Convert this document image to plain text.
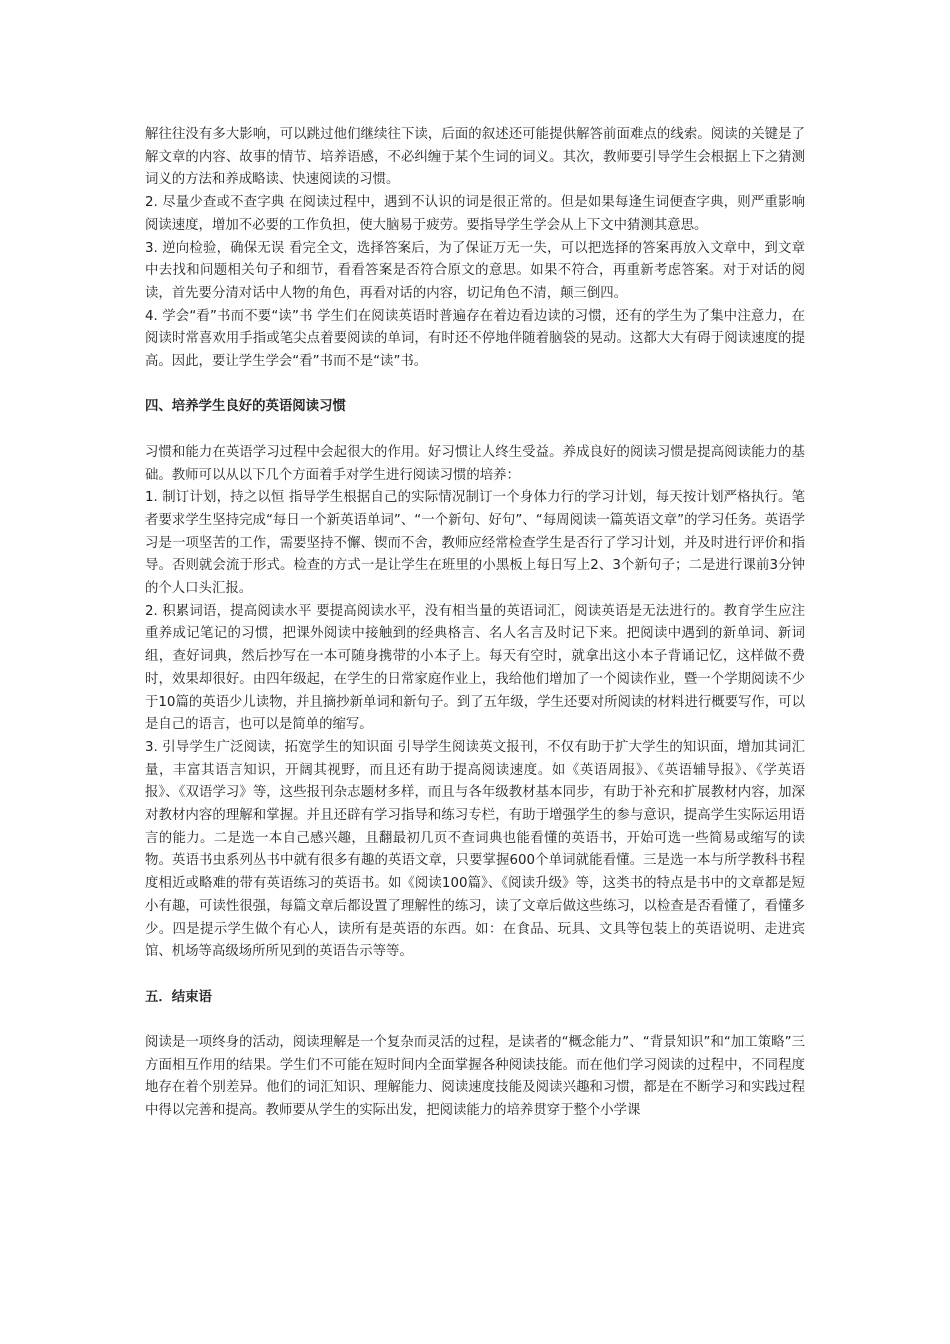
解往往没有多大影响，可以跳过他们继续往下读，后面的叙述还可能提供解答前面难点的线索。阅读的关键是了解文章的内容、故事的情节、培养语感，不必纠缠于某个生词的词义。其次，教师要引导学生会根据上下之猜测词义的方法和养成略读、快速阅读的习惯。

2. 尽量少查或不查字典 在阅读过程中，遇到不认识的词是很正常的。但是如果每逢生词便查字典，则严重影响阅读速度，增加不必要的工作负担，使大脑易于疲劳。要指导学生学会从上下文中猜测其意思。

3. 逆向检验，确保无误 看完全文，选择答案后，为了保证万无一失，可以把选择的答案再放入文章中，到文章中去找和问题相关句子和细节，看看答案是否符合原文的意思。如果不符合，再重新考虑答案。对于对话的阅读，首先要分清对话中人物的角色，再看对话的内容，切记角色不清，颠三倒四。

4. 学会“看”书而不要“读”书 学生们在阅读英语时普遍存在着边看边读的习惯，还有的学生为了集中注意力，在阅读时常喜欢用手指或笔尖点着要阅读的单词，有时还不停地伴随着脑袋的晃动。这都大大有碍于阅读速度的提高。因此，要让学生学会“看”书而不是“读”书。

四、培养学生良好的英语阅读习惯

习惯和能力在英语学习过程中会起很大的作用。好习惯让人终生受益。养成良好的阅读习惯是提高阅读能力的基础。教师可以从以下几个方面着手对学生进行阅读习惯的培养：

1. 制订计划，持之以恒 指导学生根据自己的实际情况制订一个身体力行的学习计划，每天按计划严格执行。笔者要求学生坚持完成“每日一个新英语单词”、“一个新句、好句”、“每周阅读一篇英语文章”的学习任务。英语学习是一项坚苦的工作，需要坚持不懈、锲而不舍，教师应经常检查学生是否行了学习计划，并及时进行评价和指导。否则就会流于形式。检查的方式一是让学生在班里的小黑板上每日写上2、3个新句子；二是进行课前3分钟的个人口头汇报。

2. 积累词语，提高阅读水平 要提高阅读水平，没有相当量的英语词汇，阅读英语是无法进行的。教育学生应注重养成记笔记的习惯，把课外阅读中接触到的经典格言、名人名言及时记下来。把阅读中遇到的新单词、新词组，查好词典，然后抄写在一本可随身携带的小本子上。每天有空时，就拿出这小本子背诵记忆，这样做不费时，效果却很好。由四年级起，在学生的日常家庭作业上，我给他们增加了一个阅读作业，暨一个学期阅读不少于10篇的英语少儿读物，并且摘抄新单词和新句子。到了五年级，学生还要对所阅读的材料进行概要写作，可以是自己的语言，也可以是简单的缩写。

3. 引导学生广泛阅读，拓宽学生的知识面 引导学生阅读英文报刊，不仅有助于扩大学生的知识面，增加其词汇量，丰富其语言知识，开阔其视野，而且还有助于提高阅读速度。如《英语周报》、《英语辅导报》、《学英语报》、《双语学习》等，这些报刊杂志题材多样，而且与各年级教材基本同步，有助于补充和扩展教材内容，加深对教材内容的理解和掌握。并且还辟有学习指导和练习专栏，有助于增强学生的参与意识，提高学生实际运用语言的能力。二是选一本自己感兴趣，且翻最初几页不查词典也能看懂的英语书，开始可选一些简易或缩写的读物。英语书虫系列丛书中就有很多有趣的英语文章，只要掌握600个单词就能看懂。三是选一本与所学教科书程度相近或略难的带有英语练习的英语书。如《阅读100篇》、《阅读升级》等，这类书的特点是书中的文章都是短小有趣，可读性很强，每篇文章后都设置了理解性的练习，读了文章后做这些练习，以检查是否看懂了，看懂多少。四是提示学生做个有心人，读所有是英语的东西。如：在食品、玩具、文具等包装上的英语说明、走进宾馆、机场等高级场所所见到的英语告示等等。

五．结束语

阅读是一项终身的活动，阅读理解是一个复杂而灵活的过程，是读者的“概念能力”、“背景知识”和“加工策略”三方面相互作用的结果。学生们不可能在短时间内全面掌握各种阅读技能。而在他们学习阅读的过程中，不同程度地存在着个别差异。他们的词汇知识、理解能力、阅读速度技能及阅读兴趣和习惯，都是在不断学习和实践过程中得以完善和提高。教师要从学生的实际出发，把阅读能力的培养贯穿于整个小学课
